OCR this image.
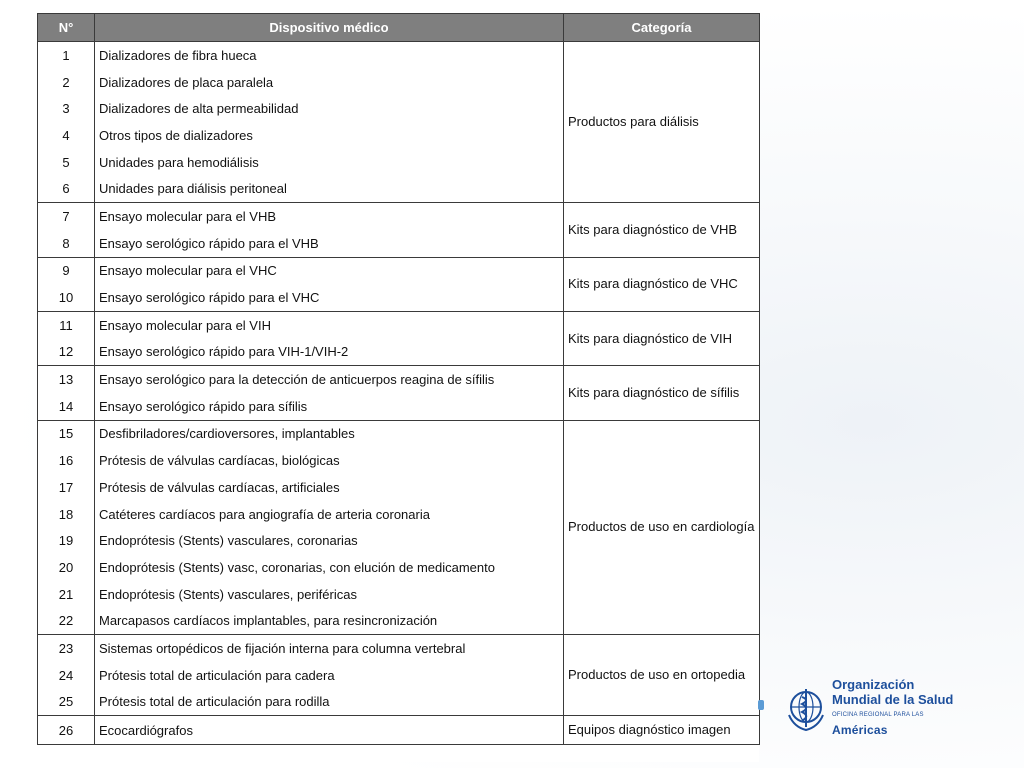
N°	Dispositivo médico	Categoría
1	Dializadores de fibra hueca	Productos para diálisis
2	Dializadores de placa paralela	
3	Dializadores de alta permeabilidad	
4	Otros tipos de dializadores	
5	Unidades para hemodiálisis	
6	Unidades para diálisis peritoneal	
7	Ensayo molecular para el VHB	Kits para diagnóstico de VHB
8	Ensayo serológico rápido para el VHB	
9	Ensayo molecular para el VHC	Kits para diagnóstico de VHC
10	Ensayo serológico rápido para el VHC	
11	Ensayo molecular para el VIH	Kits para diagnóstico de VIH
12	Ensayo serológico rápido para VIH-1/VIH-2	
13	Ensayo serológico para la detección de anticuerpos reagina de sífilis	Kits para diagnóstico de sífilis
14	Ensayo serológico rápido para sífilis	
15	Desfibriladores/cardioversores, implantables	Productos de uso en cardiología
16	Prótesis de válvulas cardíacas, biológicas	
17	Prótesis de válvulas cardíacas, artificiales	
18	Catéteres cardíacos para angiografía de arteria coronaria	
19	Endoprótesis (Stents) vasculares, coronarias	
20	Endoprótesis (Stents) vasc, coronarias, con elución de medicamento	
21	Endoprótesis (Stents) vasculares, periféricas	
22	Marcapasos cardíacos implantables, para resincronización	
23	Sistemas ortopédicos de fijación interna para columna vertebral	Productos de uso en ortopedia
24	Prótesis total de articulación para cadera	
25	Prótesis total de articulación para rodilla	
26	Ecocardiógrafos	Equipos diagnóstico imagen
Organización
Mundial de la Salud
OFICINA REGIONAL PARA LAS Américas
